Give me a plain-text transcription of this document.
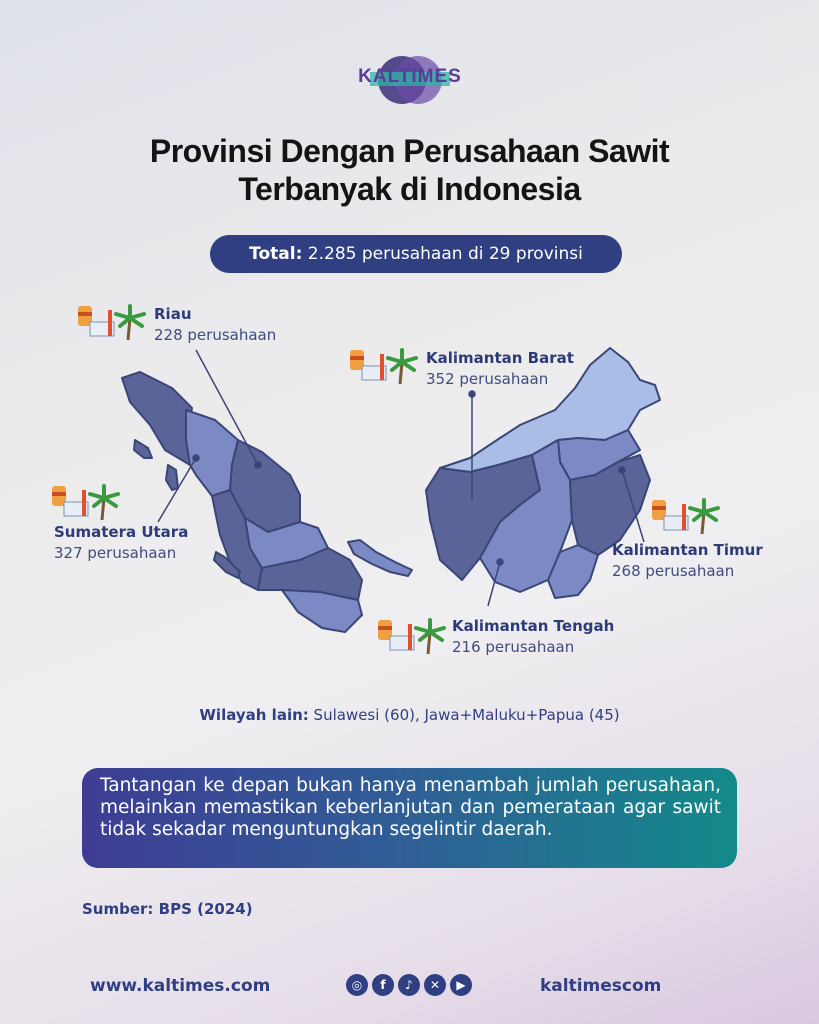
KALTIMES
Provinsi Dengan Perusahaan Sawit
Terbanyak di Indonesia
Total: 2.285 perusahaan di 29 provinsi
Riau
228 perusahaan
Sumatera Utara
327 perusahaan
Kalimantan Barat
352 perusahaan
Kalimantan Timur
268 perusahaan
Kalimantan Tengah
216 perusahaan
Wilayah lain: Sulawesi (60), Jawa+Maluku+Papua (45)
Tantangan ke depan bukan hanya menambah jumlah perusahaan, melainkan memastikan keberlanjutan dan pemerataan agar sawit tidak sekadar menguntungkan segelintir daerah.
Sumber: BPS (2024)
www.kaltimes.com	◎	f	♪	✕	▶	kaltimescom
